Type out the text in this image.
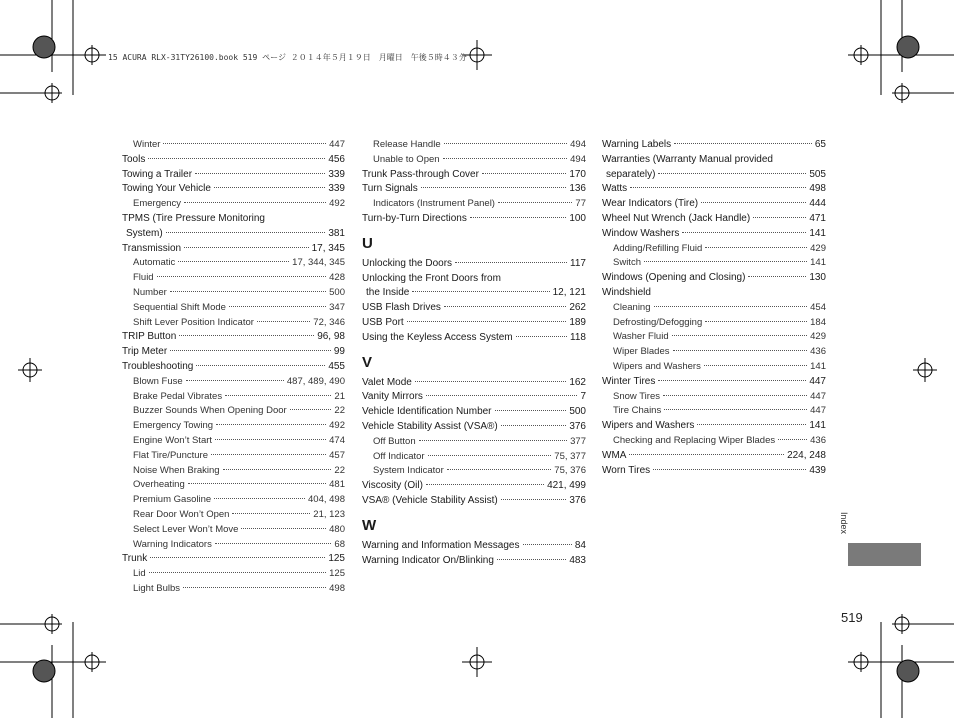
15 ACURA RLX-31TY26100.book 519 ページ ２０１４年５月１９日　月曜日　午後５時４３分
Winter	447
Tools	456
Towing a Trailer	339
Towing Your Vehicle	339
Emergency	492
TPMS (Tire Pressure Monitoring
System)	381
Transmission	17, 345
Automatic	17, 344, 345
Fluid	428
Number	500
Sequential Shift Mode	347
Shift Lever Position Indicator	72, 346
TRIP Button	96, 98
Trip Meter	99
Troubleshooting	455
Blown Fuse	487, 489, 490
Brake Pedal Vibrates	21
Buzzer Sounds When Opening Door	22
Emergency Towing	492
Engine Won’t Start	474
Flat Tire/Puncture	457
Noise When Braking	22
Overheating	481
Premium Gasoline	404, 498
Rear Door Won’t Open	21, 123
Select Lever Won’t Move	480
Warning Indicators	68
Trunk	125
Lid	125
Light Bulbs	498
Release Handle	494
Unable to Open	494
Trunk Pass-through Cover	170
Turn Signals	136
Indicators (Instrument Panel)	77
Turn-by-Turn Directions	100
U
Unlocking the Doors	117
Unlocking the Front Doors from
the Inside	12, 121
USB Flash Drives	262
USB Port	189
Using the Keyless Access System	118
V
Valet Mode	162
Vanity Mirrors	7
Vehicle Identification Number	500
Vehicle Stability Assist (VSA®)	376
Off Button	377
Off Indicator	75, 377
System Indicator	75, 376
Viscosity (Oil)	421, 499
VSA® (Vehicle Stability Assist)	376
W
Warning and Information Messages	84
Warning Indicator On/Blinking	483
Warning Labels	65
Warranties (Warranty Manual provided
separately)	505
Watts	498
Wear Indicators (Tire)	444
Wheel Nut Wrench (Jack Handle)	471
Window Washers	141
Adding/Refilling Fluid	429
Switch	141
Windows (Opening and Closing)	130
Windshield
Cleaning	454
Defrosting/Defogging	184
Washer Fluid	429
Wiper Blades	436
Wipers and Washers	141
Winter Tires	447
Snow Tires	447
Tire Chains	447
Wipers and Washers	141
Checking and Replacing Wiper Blades	436
WMA	224, 248
Worn Tires	439
Index
519
